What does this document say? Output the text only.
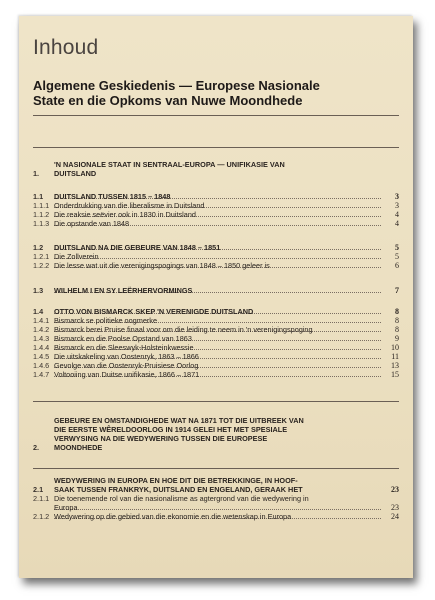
Inhoud
Algemene Geskiedenis — Europese Nasionale
State en die Opkoms van Nuwe Moondhede
1.
'N NASIONALE STAAT IN SENTRAAL-EUROPA — UNIFIKASIE VAN
DUITSLAND
1.1	DUITSLAND TUSSEN 1815 – 1848	3
1.1.1 Onderdrukking van die liberalisme in Duitsland	3
1.1.2 Die reaksie seëvier ook in 1830 in Duitsland	4
1.1.3 Die opstande van 1848	4
1.2	DUITSLAND NA DIE GEBEURE VAN 1848 – 1851	5
1.2.1 Die Zollverein	5
1.2.2 Die lesse wat uit die verenigingspogings van 1848 – 1850 geleer is	6
1.3	WILHELM I EN SY LEËRHERVORMINGS	7
1.4	OTTO VON BISMARCK SKEP 'N VERENIGDE DUITSLAND	8
1.4.1 Bismarck se politieke oogmerke	8
1.4.2 Bismarck berei Pruise finaal voor om die leiding te neem in 'n verenigingspoging	8
1.4.3 Bismarck en die Poolse Opstand van 1863	9
1.4.4 Bismarck en die Sleeswyk-Holsteinkwessie	10
1.4.5 Die uitskakeling van Oostenryk, 1863 – 1866	11
1.4.6 Gevolge van die Oostenryk-Pruisiese Oorlog	13
1.4.7 Voltooiing van Duitse unifikasie, 1866 – 1871	15
2.
GEBEURE EN OMSTANDIGHEDE WAT NA 1871 TOT DIE UITBREEK VAN
DIE EERSTE WÊRELDOORLOG IN 1914 GELEI HET MET SPESIALE
VERWYSING NA DIE WEDYWERING TUSSEN DIE EUROPESE
MOONDHEDE
2.1
WEDYWERING IN EUROPA EN HOE DIT DIE BETREKKINGE, IN HOOF-
SAAK TUSSEN FRANKRYK, DUITSLAND EN ENGELAND, GERAAK HET	23
2.1.1 Die toenemende rol van die nasionalisme as agtergrond van die wedywering in
Europa	23
2.1.2 Wedywering op die gebied van die ekonomie en die wetenskap in Europa	24
